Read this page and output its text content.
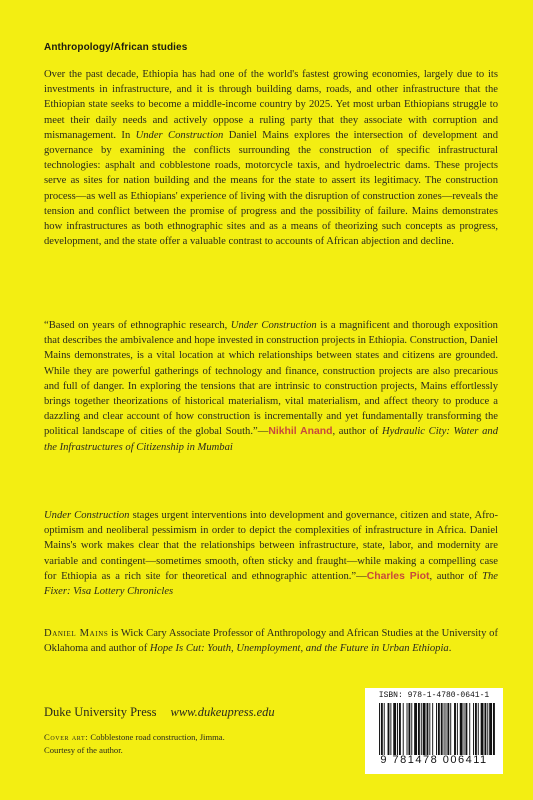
Anthropology/African studies

Over the past decade, Ethiopia has had one of the world's fastest growing economies, largely due to its investments in infrastructure, and it is through building dams, roads, and other infrastructure that the Ethiopian state seeks to become a middle-income country by 2025. Yet most urban Ethiopians struggle to meet their daily needs and actively oppose a ruling party that they associate with corruption and mismanagement. In Under Construction Daniel Mains explores the intersection of development and governance by examining the conflicts surrounding the construction of specific infrastructural technologies: asphalt and cobblestone roads, motorcycle taxis, and hydroelectric dams. These projects serve as sites for nation building and the means for the state to assert its legitimacy. The construction process—as well as Ethiopians' experience of living with the disruption of construction zones—reveals the tension and conflict between the promise of progress and the possibility of failure. Mains demonstrates how infrastructures as both ethnographic sites and as a means of theorizing such concepts as progress, development, and the state offer a valuable contrast to accounts of African abjection and decline.

“Based on years of ethnographic research, Under Construction is a magnificent and thorough exposition that describes the ambivalence and hope invested in construction projects in Ethiopia. Construction, Daniel Mains demonstrates, is a vital location at which relationships between states and citizens are grounded. While they are powerful gatherings of technology and finance, construction projects are also precarious and full of danger. In exploring the tensions that are intrinsic to construction projects, Mains effortlessly brings together theorizations of historical materialism, vital materialism, and affect theory to produce a dazzling and clear account of how construction is incrementally and yet fundamentally transforming the political landscape of cities of the global South.”—Nikhil Anand, author of Hydraulic City: Water and the Infrastructures of Citizenship in Mumbai

Under Construction stages urgent interventions into development and governance, citizen and state, Afro-optimism and neoliberal pessimism in order to depict the complexities of infrastructure in Africa. Daniel Mains's work makes clear that the relationships between infrastructure, state, labor, and modernity are variable and contingent—sometimes smooth, often sticky and fraught—while making a compelling case for Ethiopia as a rich site for theoretical and ethnographic attention.”—Charles Piot, author of The Fixer: Visa Lottery Chronicles

Daniel Mains is Wick Cary Associate Professor of Anthropology and African Studies at the University of Oklahoma and author of Hope Is Cut: Youth, Unemployment, and the Future in Urban Ethiopia.

Duke University Press www.dukeupress.edu
Cover art: Cobblestone road construction, Jimma.
Courtesy of the author.
ISBN: 978-1-4780-0641-1
9 781478 006411
